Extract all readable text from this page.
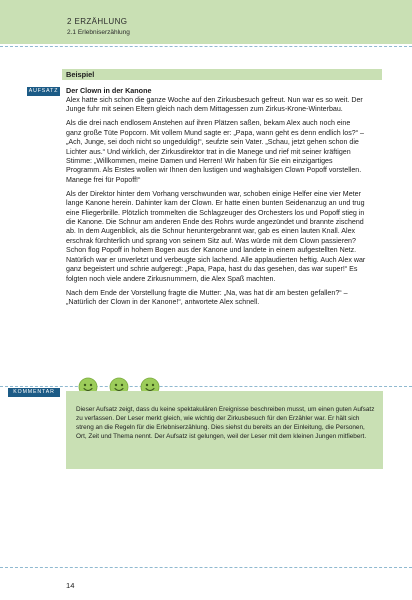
2 ERZÄHLUNG
2.1 Erlebniserzählung
Beispiel
AUFSATZ Der Clown in der Kanone

Alex hatte sich schon die ganze Woche auf den Zirkusbesuch gefreut. Nun war es so weit. Der Junge fuhr mit seinen Eltern gleich nach dem Mittagessen zum Zirkus-Krone-Winterbau.

Als die drei nach endlosem Anstehen auf ihren Plätzen saßen, bekam Alex auch noch eine ganz große Tüte Popcorn. Mit vollem Mund sagte er: „Papa, wann geht es denn endlich los?“ – „Ach, Junge, sei doch nicht so ungeduldig!“, seufzte sein Vater. „Schau, jetzt gehen schon die Lichter aus.“ Und wirklich, der Zirkusdirektor trat in die Manege und rief mit seiner kräftigen Stimme: „Willkommen, meine Damen und Herren! Wir haben für Sie ein einzigartiges Programm. Als Erstes wollen wir Ihnen den lustigen und waghalsigen Clown Popoff vorstellen. Manege frei für Popoff!“

Als der Direktor hinter dem Vorhang verschwunden war, schoben einige Helfer eine vier Meter lange Kanone herein. Dahinter kam der Clown. Er hatte einen bunten Seidenanzug an und trug eine Fliegerbrille. Plötzlich trommelten die Schlagzeuger des Orchesters los und Popoff stieg in die Kanone. Die Schnur am anderen Ende des Rohrs wurde angezündet und brannte zischend ab. In dem Augenblick, als die Schnur heruntergebrannt war, gab es einen lauten Knall. Alex erschrak fürchterlich und sprang von seinem Sitz auf. Was würde mit dem Clown passieren? Schon flog Popoff in hohem Bogen aus der Kanone und landete in einem aufgestellten Netz. Natürlich war er unverletzt und verbeugte sich lachend. Alle applaudierten heftig. Auch Alex war ganz begeistert und schrie aufgeregt: „Papa, Papa, hast du das gesehen, das war super!“ Es folgten noch viele andere Zirkusnummern, die Alex Spaß machten.

Nach dem Ende der Vorstellung fragte die Mutter: „Na, was hat dir am besten gefallen?“ – „Natürlich der Clown in der Kanone!“, antwortete Alex schnell.

KOMMENTAR
Dieser Aufsatz zeigt, dass du keine spektakulären Ereignisse beschreiben musst, um einen guten Aufsatz zu verfassen. Der Leser merkt gleich, wie wichtig der Zirkusbesuch für den Erzähler war. Er hält sich streng an die Regeln für die Erlebniserzählung. Dies siehst du bereits an der Einleitung, die Personen, Ort, Zeit und Thema nennt. Der Aufsatz ist gelungen, weil der Leser mit dem kleinen Jungen mitfiebert.
14
